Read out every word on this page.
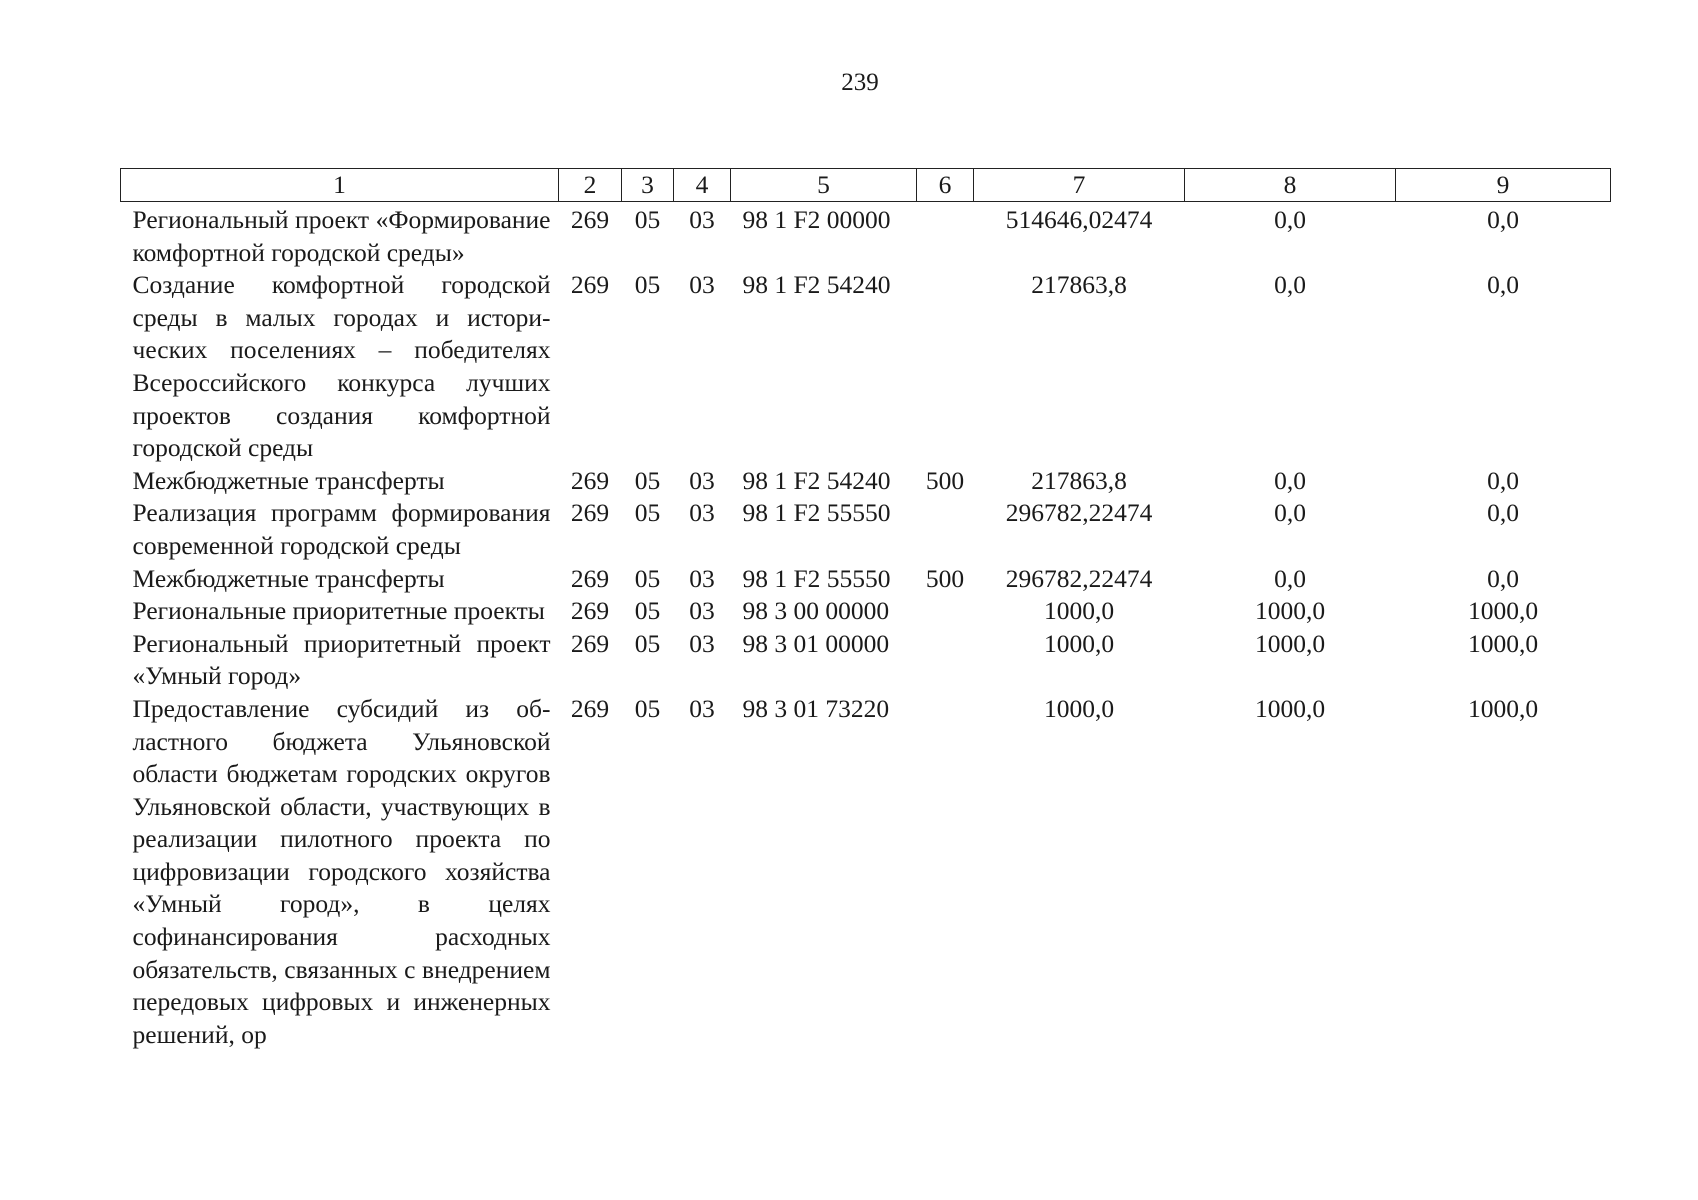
239
1	2	3	4	5	6	7	8	9
Региональный проект «Формирование комфортной городской среды»	269	05	03	98 1 F2 00000		514646,02474	0,0	0,0
Создание комфортной городской среды в малых городах и исторических поселениях – победителях Всероссийского конкурса лучших проектов создания комфортной городской среды	269	05	03	98 1 F2 54240		217863,8	0,0	0,0
Межбюджетные трансферты	269	05	03	98 1 F2 54240	500	217863,8	0,0	0,0
Реализация программ формирования современной городской среды	269	05	03	98 1 F2 55550		296782,22474	0,0	0,0
Межбюджетные трансферты	269	05	03	98 1 F2 55550	500	296782,22474	0,0	0,0
Региональные приоритетные проекты	269	05	03	98 3 00 00000		1000,0	1000,0	1000,0
Региональный приоритетный проект «Умный город»	269	05	03	98 3 01 00000		1000,0	1000,0	1000,0
Предоставление субсидий из областного бюджета Ульяновской области бюджетам городских округов Ульяновской области, участвующих в реализации пилотного проекта по цифровизации городского хозяйства «Умный город», в целях софинансирования расходных обязательств, связанных с внедрением передовых цифровых и инженерных решений, ор	269	05	03	98 3 01 73220		1000,0	1000,0	1000,0
